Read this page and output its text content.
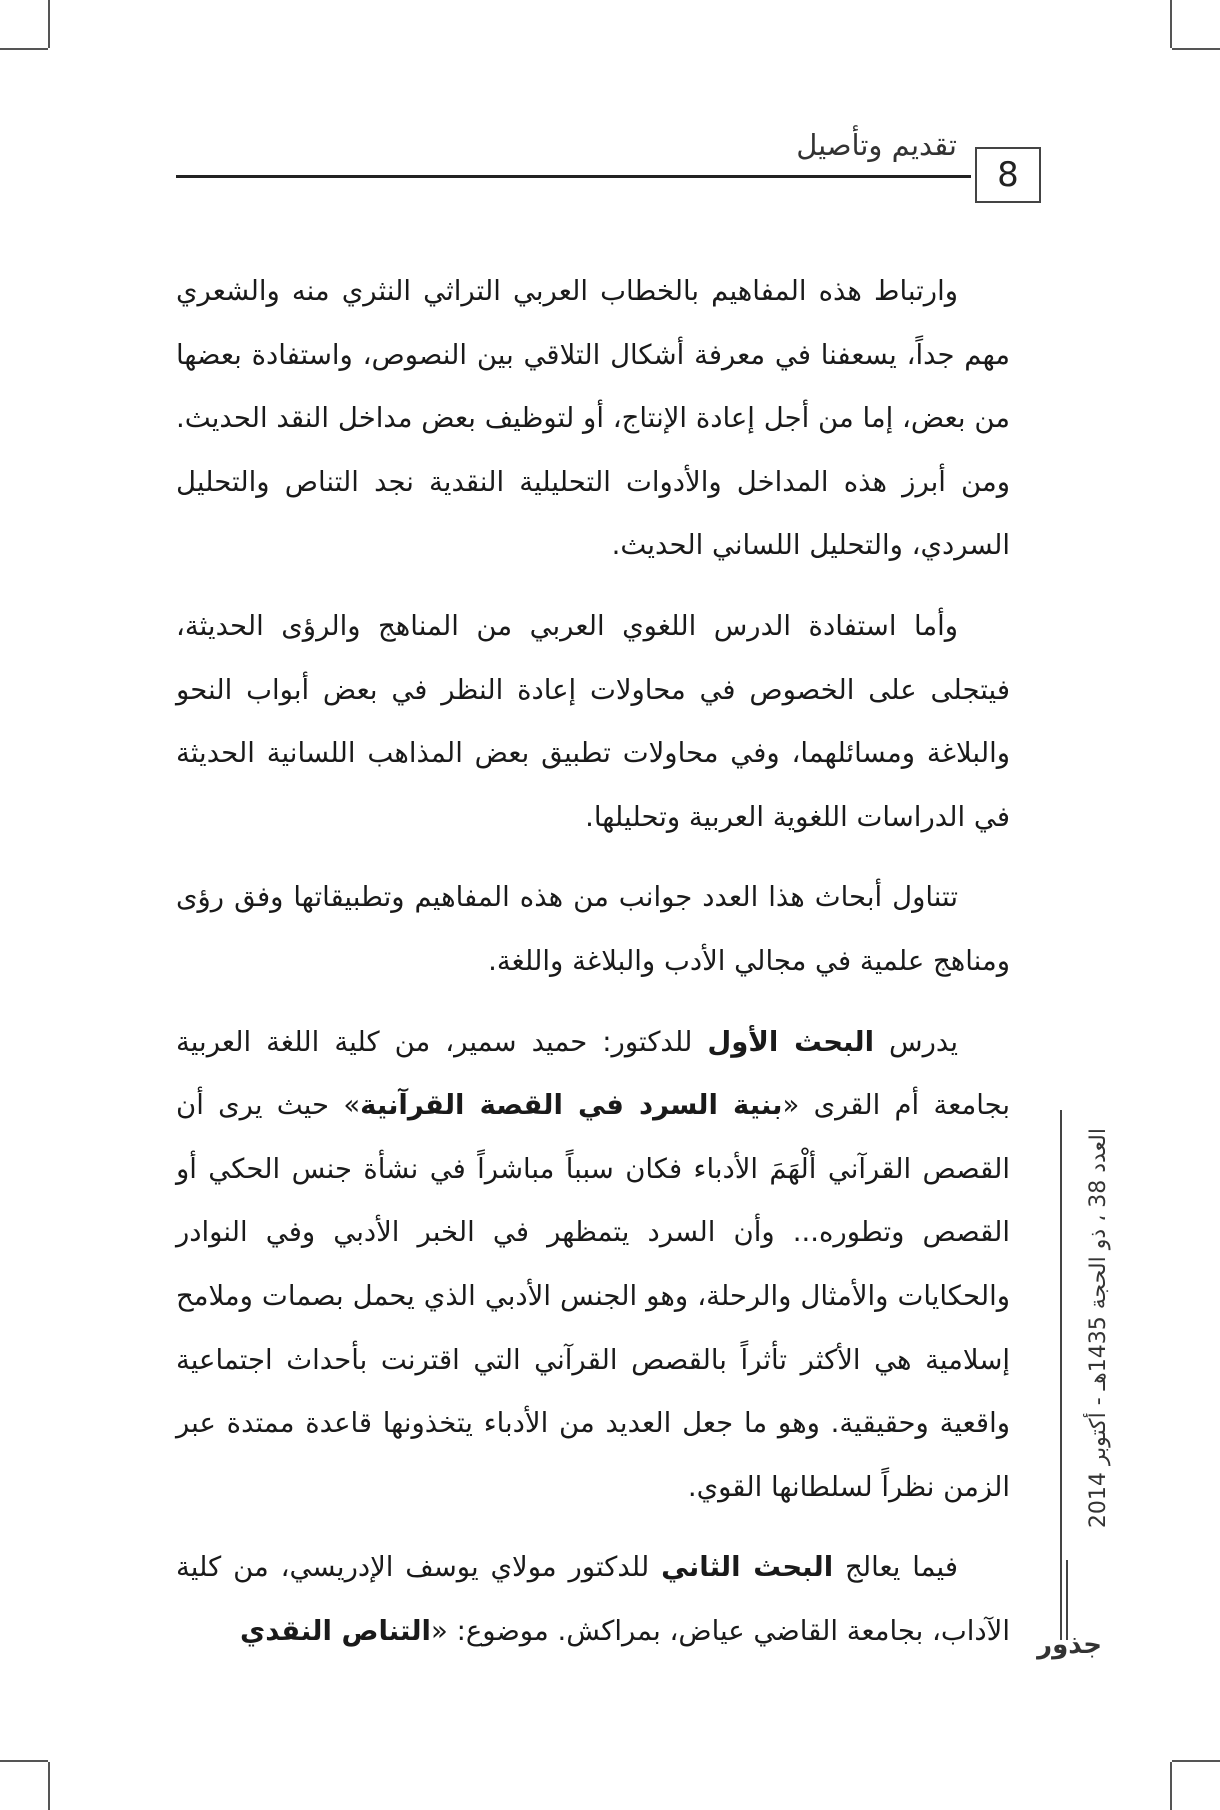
8
تقديم وتأصيل

وارتباط هذه المفاهيم بالخطاب العربي التراثي النثري منه والشعري مهم جداً، يسعفنا في معرفة أشكال التلاقي بين النصوص، واستفادة بعضها من بعض، إما من أجل إعادة الإنتاج، أو لتوظيف بعض مداخل النقد الحديث. ومن أبرز هذه المداخل والأدوات التحليلية النقدية نجد التناص والتحليل السردي، والتحليل اللساني الحديث.

وأما استفادة الدرس اللغوي العربي من المناهج والرؤى الحديثة، فيتجلى على الخصوص في محاولات إعادة النظر في بعض أبواب النحو والبلاغة ومسائلهما، وفي محاولات تطبيق بعض المذاهب اللسانية الحديثة في الدراسات اللغوية العربية وتحليلها.

تتناول أبحاث هذا العدد جوانب من هذه المفاهيم وتطبيقاتها وفق رؤى ومناهج علمية في مجالي الأدب والبلاغة واللغة.

يدرس البحث الأول للدكتور: حميد سمير، من كلية اللغة العربية بجامعة أم القرى «بنية السرد في القصة القرآنية» حيث يرى أن القصص القرآني ألْهَمَ الأدباء فكان سبباً مباشراً في نشأة جنس الحكي أو القصص وتطوره... وأن السرد يتمظهر في الخبر الأدبي وفي النوادر والحكايات والأمثال والرحلة، وهو الجنس الأدبي الذي يحمل بصمات وملامح إسلامية هي الأكثر تأثراً بالقصص القرآني التي اقترنت بأحداث اجتماعية واقعية وحقيقية. وهو ما جعل العديد من الأدباء يتخذونها قاعدة ممتدة عبر الزمن نظراً لسلطانها القوي.

فيما يعالج البحث الثاني للدكتور مولاي يوسف الإدريسي، من كلية الآداب، بجامعة القاضي عياض، بمراكش. موضوع: «التناص النقدي

العدد 38 ، ذو الحجة 1435هـ - أكتوبر 2014
جذور
